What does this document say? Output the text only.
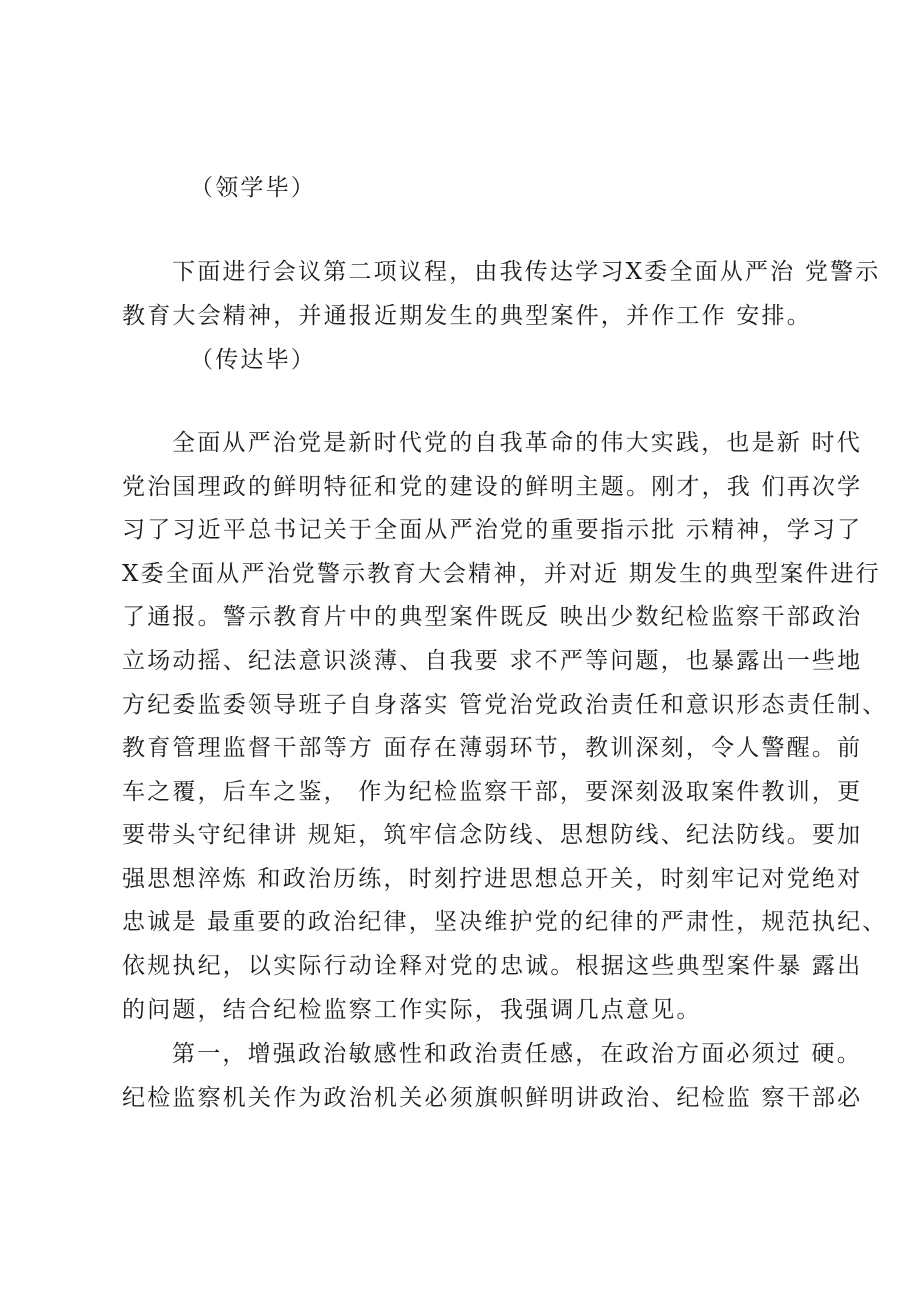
（领学毕）
下面进行会议第二项议程，由我传达学习X委全面从严治 党警示
教育大会精神，并通报近期发生的典型案件，并作工作 安排。
（传达毕）
全面从严治党是新时代党的自我革命的伟大实践，也是新 时代
党治国理政的鲜明特征和党的建设的鲜明主题。刚才，我 们再次学
习了习近平总书记关于全面从严治党的重要指示批 示精神，学习了
X委全面从严治党警示教育大会精神，并对近 期发生的典型案件进行
了通报。警示教育片中的典型案件既反 映出少数纪检监察干部政治
立场动摇、纪法意识淡薄、自我要 求不严等问题，也暴露出一些地
方纪委监委领导班子自身落实 管党治党政治责任和意识形态责任制、
教育管理监督干部等方 面存在薄弱环节，教训深刻，令人警醒。前
车之覆，后车之鉴， 作为纪检监察干部，要深刻汲取案件教训，更
要带头守纪律讲 规矩，筑牢信念防线、思想防线、纪法防线。要加
强思想淬炼 和政治历练，时刻拧进思想总开关，时刻牢记对党绝对
忠诚是 最重要的政治纪律，坚决维护党的纪律的严肃性，规范执纪、
依规执纪，以实际行动诠释对党的忠诚。根据这些典型案件暴 露出
的问题，结合纪检监察工作实际，我强调几点意见。
第一，增强政治敏感性和政治责任感，在政治方面必须过 硬。
纪检监察机关作为政治机关必须旗帜鲜明讲政治、纪检监 察干部必
